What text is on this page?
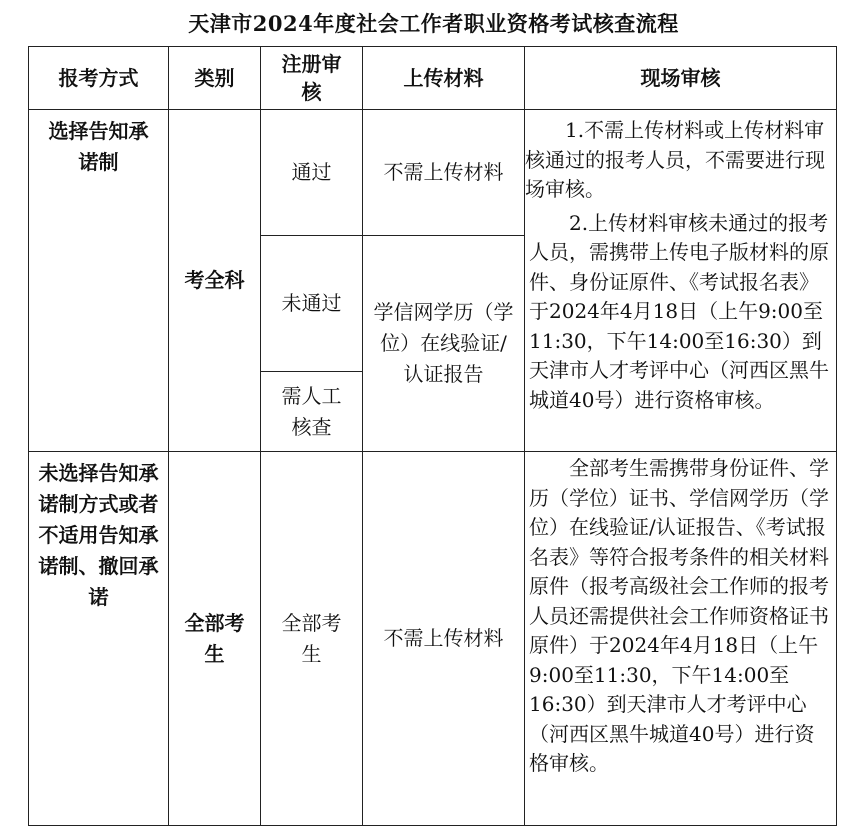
天津市2024年度社会工作者职业资格考试核查流程
报考方式	类别	注册审核	上传材料	现场审核

选择告知承诺制	考全科	通过	不需上传材料	1.不需上传材料或上传材料审核通过的报考人员，不需要进行现场审核。
2.上传材料审核未通过的报考人员，需携带上传电子版材料的原件、身份证原件、《考试报名表》于2024年4月18日（上午9:00至11:30，下午14:00至16:30）到天津市人才考评中心（河西区黑牛城道40号）进行资格审核。

		未通过	学信网学历（学位）在线验证/认证报告	

		需人工核查		

未选择告知承诺制方式或者不适用告知承诺制、撤回承诺	全部考生	全部考生	不需上传材料	全部考生需携带身份证件、学历（学位）证书、学信网学历（学位）在线验证/认证报告、《考试报名表》等符合报考条件的相关材料原件（报考高级社会工作师的报考人员还需提供社会工作师资格证书原件）于2024年4月18日（上午9:00至11:30，下午14:00至16:30）到天津市人才考评中心（河西区黑牛城道40号）进行资格审核。
